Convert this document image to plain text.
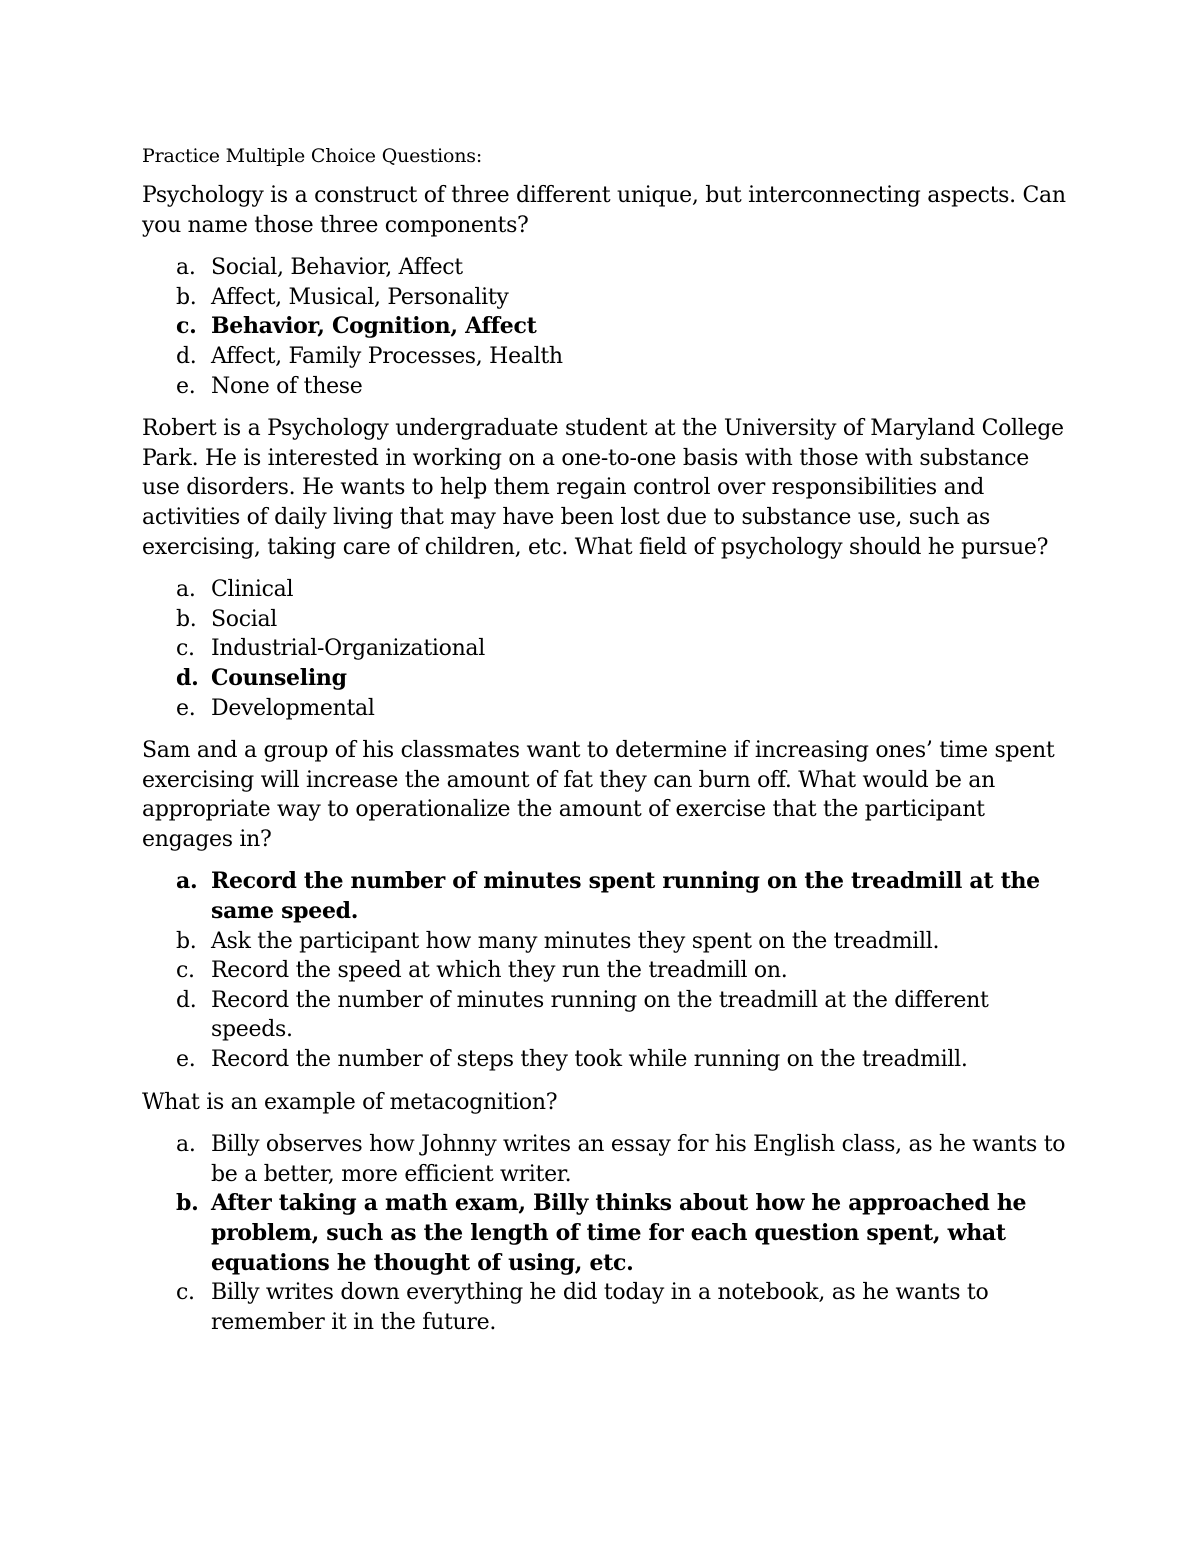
Practice Multiple Choice Questions:

Psychology is a construct of three different unique, but interconnecting aspects. Can you name those three components?

a. Social, Behavior, Affect
b. Affect, Musical, Personality
c. Behavior, Cognition, Affect
d. Affect, Family Processes, Health
e. None of these

Robert is a Psychology undergraduate student at the University of Maryland College Park. He is interested in working on a one-to-one basis with those with substance use disorders. He wants to help them regain control over responsibilities and activities of daily living that may have been lost due to substance use, such as exercising, taking care of children, etc. What field of psychology should he pursue?

a. Clinical
b. Social
c. Industrial-Organizational
d. Counseling
e. Developmental

Sam and a group of his classmates want to determine if increasing ones’ time spent exercising will increase the amount of fat they can burn off. What would be an appropriate way to operationalize the amount of exercise that the participant engages in?

a. Record the number of minutes spent running on the treadmill at the same speed.
b. Ask the participant how many minutes they spent on the treadmill.
c. Record the speed at which they run the treadmill on.
d. Record the number of minutes running on the treadmill at the different speeds.
e. Record the number of steps they took while running on the treadmill.

What is an example of metacognition?

a. Billy observes how Johnny writes an essay for his English class, as he wants to be a better, more efficient writer.
b. After taking a math exam, Billy thinks about how he approached he problem, such as the length of time for each question spent, what equations he thought of using, etc.
c. Billy writes down everything he did today in a notebook, as he wants to remember it in the future.
